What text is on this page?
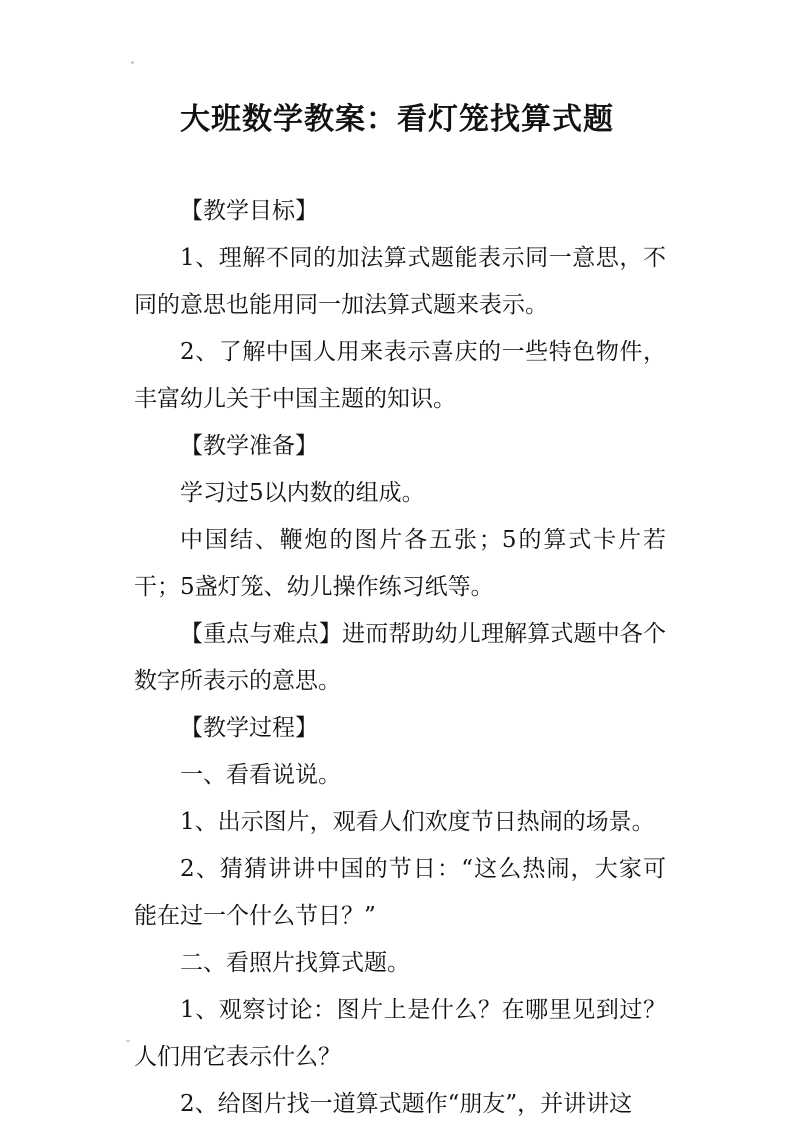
大班数学教案：看灯笼找算式题

【教学目标】

1、理解不同的加法算式题能表示同一意思，不同的意思也能用同一加法算式题来表示。

2、了解中国人用来表示喜庆的一些特色物件，丰富幼儿关于中国主题的知识。

【教学准备】

学习过5以内数的组成。

中国结、鞭炮的图片各五张；5的算式卡片若干；5盏灯笼、幼儿操作练习纸等。

【重点与难点】进而帮助幼儿理解算式题中各个数字所表示的意思。

【教学过程】

一、看看说说。

1、出示图片，观看人们欢度节日热闹的场景。

2、猜猜讲讲中国的节日：“这么热闹，大家可能在过一个什么节日？”

二、看照片找算式题。

1、观察讨论：图片上是什么？在哪里见到过？人们用它表示什么？

2、给图片找一道算式题作“朋友”，并讲讲这
